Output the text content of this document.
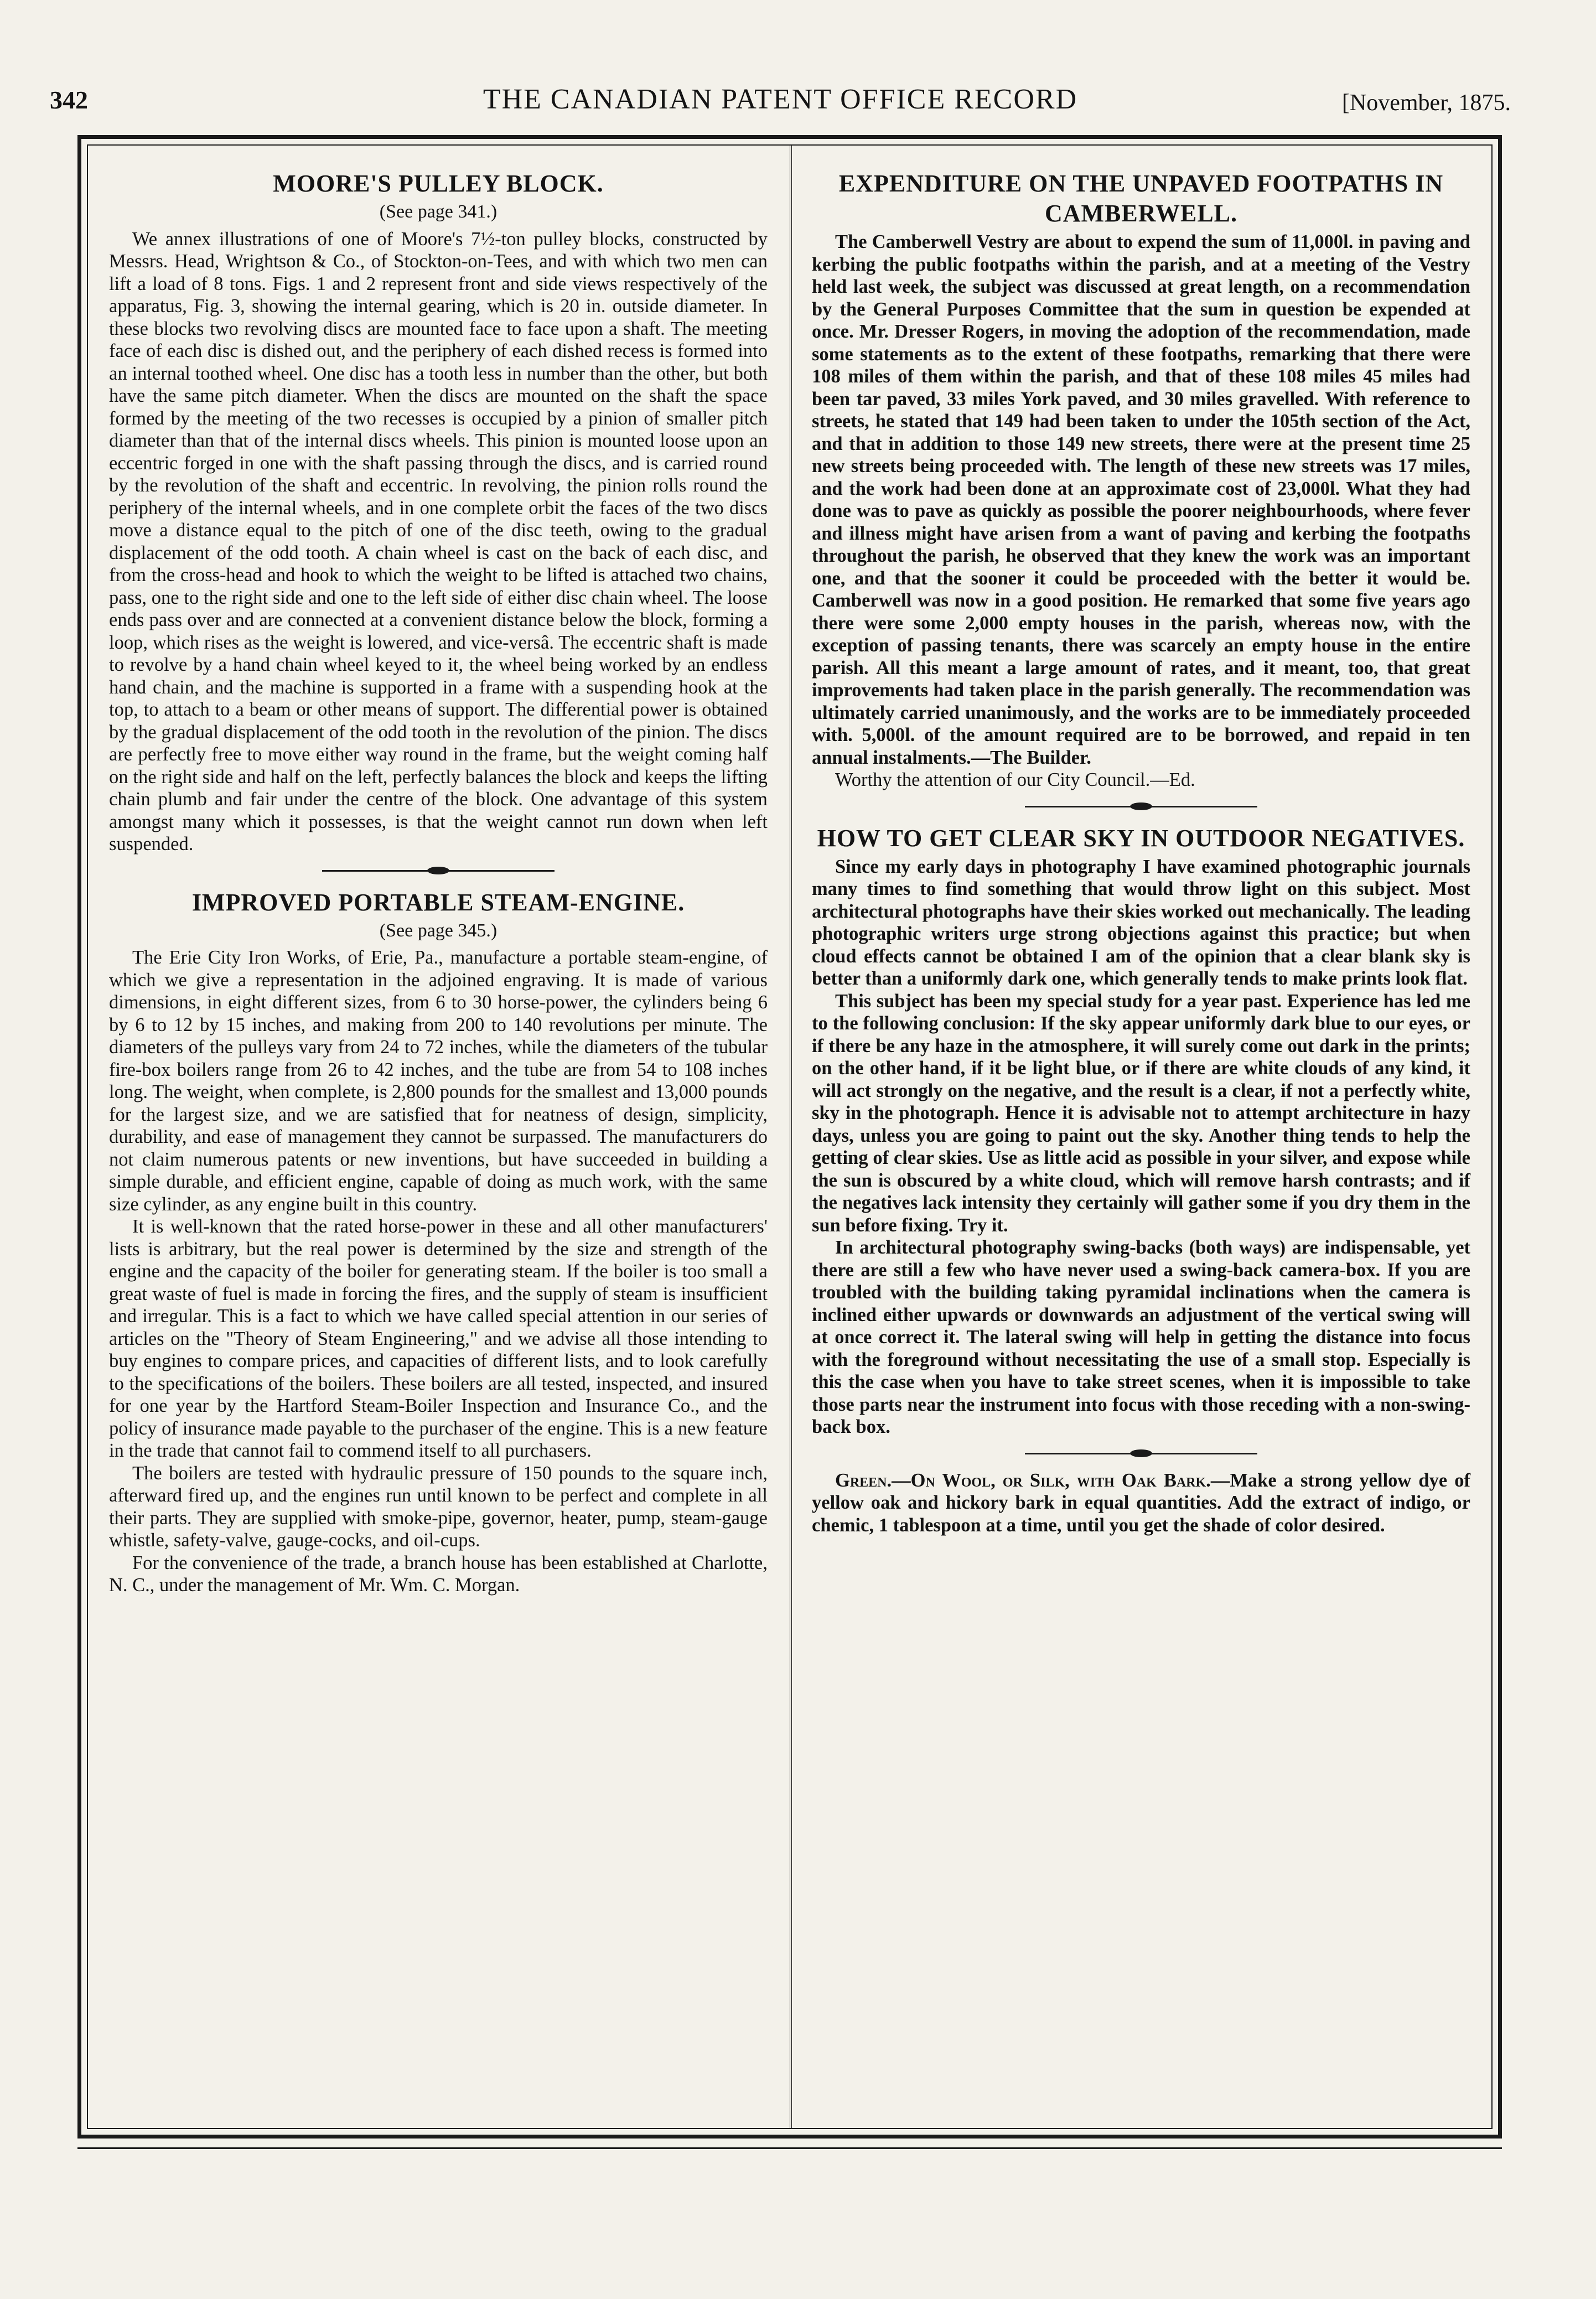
342	THE CANADIAN PATENT OFFICE RECORD	[November, 1875.
MOORE'S PULLEY BLOCK.
(See page 341.)

We annex illustrations of one of Moore's 7½-ton pulley blocks, constructed by Messrs. Head, Wrightson & Co., of Stockton-on-Tees, and with which two men can lift a load of 8 tons. Figs. 1 and 2 represent front and side views respectively of the apparatus, Fig. 3, showing the internal gearing, which is 20 in. outside diameter. In these blocks two revolving discs are mounted face to face upon a shaft. The meeting face of each disc is dished out, and the periphery of each dished recess is formed into an internal toothed wheel. One disc has a tooth less in number than the other, but both have the same pitch diameter. When the discs are mounted on the shaft the space formed by the meeting of the two recesses is occupied by a pinion of smaller pitch diameter than that of the internal discs wheels. This pinion is mounted loose upon an eccentric forged in one with the shaft passing through the discs, and is carried round by the revolution of the shaft and eccentric. In revolving, the pinion rolls round the periphery of the internal wheels, and in one complete orbit the faces of the two discs move a distance equal to the pitch of one of the disc teeth, owing to the gradual displacement of the odd tooth. A chain wheel is cast on the back of each disc, and from the cross-head and hook to which the weight to be lifted is attached two chains, pass, one to the right side and one to the left side of either disc chain wheel. The loose ends pass over and are connected at a convenient distance below the block, forming a loop, which rises as the weight is lowered, and vice-versâ. The eccentric shaft is made to revolve by a hand chain wheel keyed to it, the wheel being worked by an endless hand chain, and the machine is supported in a frame with a suspending hook at the top, to attach to a beam or other means of support. The differential power is obtained by the gradual displacement of the odd tooth in the revolution of the pinion. The discs are perfectly free to move either way round in the frame, but the weight coming half on the right side and half on the left, perfectly balances the block and keeps the lifting chain plumb and fair under the centre of the block. One advantage of this system amongst many which it possesses, is that the weight cannot run down when left suspended.

IMPROVED PORTABLE STEAM-ENGINE.
(See page 345.)

The Erie City Iron Works, of Erie, Pa., manufacture a portable steam-engine, of which we give a representation in the adjoined engraving. It is made of various dimensions, in eight different sizes, from 6 to 30 horse-power, the cylinders being 6 by 6 to 12 by 15 inches, and making from 200 to 140 revolutions per minute. The diameters of the pulleys vary from 24 to 72 inches, while the diameters of the tubular fire-box boilers range from 26 to 42 inches, and the tube are from 54 to 108 inches long. The weight, when complete, is 2,800 pounds for the smallest and 13,000 pounds for the largest size, and we are satisfied that for neatness of design, simplicity, durability, and ease of management they cannot be surpassed. The manufacturers do not claim numerous patents or new inventions, but have succeeded in building a simple durable, and efficient engine, capable of doing as much work, with the same size cylinder, as any engine built in this country.

It is well-known that the rated horse-power in these and all other manufacturers' lists is arbitrary, but the real power is determined by the size and strength of the engine and the capacity of the boiler for generating steam. If the boiler is too small a great waste of fuel is made in forcing the fires, and the supply of steam is insufficient and irregular. This is a fact to which we have called special attention in our series of articles on the "Theory of Steam Engineering," and we advise all those intending to buy engines to compare prices, and capacities of different lists, and to look carefully to the specifications of the boilers. These boilers are all tested, inspected, and insured for one year by the Hartford Steam-Boiler Inspection and Insurance Co., and the policy of insurance made payable to the purchaser of the engine. This is a new feature in the trade that cannot fail to commend itself to all purchasers.

The boilers are tested with hydraulic pressure of 150 pounds to the square inch, afterward fired up, and the engines run until known to be perfect and complete in all their parts. They are supplied with smoke-pipe, governor, heater, pump, steam-gauge whistle, safety-valve, gauge-cocks, and oil-cups.

For the convenience of the trade, a branch house has been established at Charlotte, N. C., under the management of Mr. Wm. C. Morgan.

EXPENDITURE ON THE UNPAVED FOOTPATHS IN CAMBERWELL.

The Camberwell Vestry are about to expend the sum of 11,000l. in paving and kerbing the public footpaths within the parish, and at a meeting of the Vestry held last week, the subject was discussed at great length, on a recommendation by the General Purposes Committee that the sum in question be expended at once. Mr. Dresser Rogers, in moving the adoption of the recommendation, made some statements as to the extent of these footpaths, remarking that there were 108 miles of them within the parish, and that of these 108 miles 45 miles had been tar paved, 33 miles York paved, and 30 miles gravelled. With reference to streets, he stated that 149 had been taken to under the 105th section of the Act, and that in addition to those 149 new streets, there were at the present time 25 new streets being proceeded with. The length of these new streets was 17 miles, and the work had been done at an approximate cost of 23,000l. What they had done was to pave as quickly as possible the poorer neighbourhoods, where fever and illness might have arisen from a want of paving and kerbing the footpaths throughout the parish, he observed that they knew the work was an important one, and that the sooner it could be proceeded with the better it would be. Camberwell was now in a good position. He remarked that some five years ago there were some 2,000 empty houses in the parish, whereas now, with the exception of passing tenants, there was scarcely an empty house in the entire parish. All this meant a large amount of rates, and it meant, too, that great improvements had taken place in the parish generally. The recommendation was ultimately carried unanimously, and the works are to be immediately proceeded with. 5,000l. of the amount required are to be borrowed, and repaid in ten annual instalments.—The Builder.

Worthy the attention of our City Council.—Ed.

HOW TO GET CLEAR SKY IN OUTDOOR NEGATIVES.

Since my early days in photography I have examined photographic journals many times to find something that would throw light on this subject. Most architectural photographs have their skies worked out mechanically. The leading photographic writers urge strong objections against this practice; but when cloud effects cannot be obtained I am of the opinion that a clear blank sky is better than a uniformly dark one, which generally tends to make prints look flat.

This subject has been my special study for a year past. Experience has led me to the following conclusion: If the sky appear uniformly dark blue to our eyes, or if there be any haze in the atmosphere, it will surely come out dark in the prints; on the other hand, if it be light blue, or if there are white clouds of any kind, it will act strongly on the negative, and the result is a clear, if not a perfectly white, sky in the photograph. Hence it is advisable not to attempt architecture in hazy days, unless you are going to paint out the sky. Another thing tends to help the getting of clear skies. Use as little acid as possible in your silver, and expose while the sun is obscured by a white cloud, which will remove harsh contrasts; and if the negatives lack intensity they certainly will gather some if you dry them in the sun before fixing. Try it.

In architectural photography swing-backs (both ways) are indispensable, yet there are still a few who have never used a swing-back camera-box. If you are troubled with the building taking pyramidal inclinations when the camera is inclined either upwards or downwards an adjustment of the vertical swing will at once correct it. The lateral swing will help in getting the distance into focus with the foreground without necessitating the use of a small stop. Especially is this the case when you have to take street scenes, when it is impossible to take those parts near the instrument into focus with those receding with a non-swing-back box.

Green.—On Wool, or Silk, with Oak Bark.—Make a strong yellow dye of yellow oak and hickory bark in equal quantities. Add the extract of indigo, or chemic, 1 tablespoon at a time, until you get the shade of color desired.
